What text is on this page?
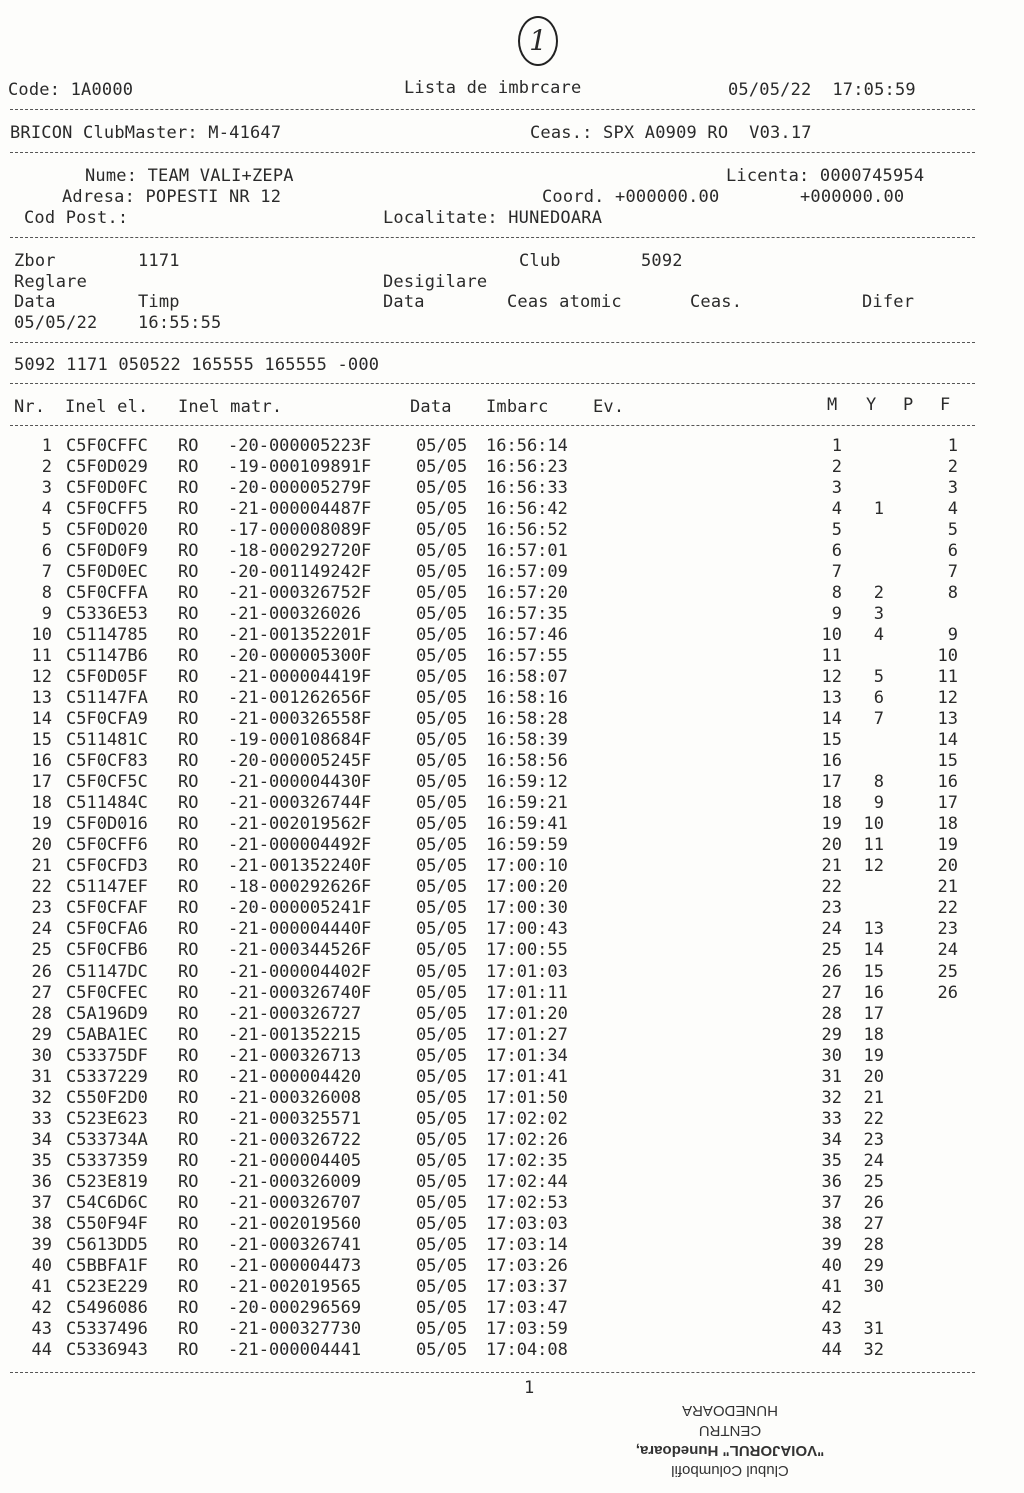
1
Code: 1A0000	Lista de imbrcare	05/05/22  17:05:59
BRICON ClubMaster: M-41647	Ceas.: SPX A0909 RO  V03.17
Nume: TEAM VALI+ZEPA	Licenta: 0000745954
Adresa: POPESTI NR 12	Coord. +000000.00	+000000.00
Cod Post.:	Localitate: HUNEDOARA
Zbor	1171	Club	5092
Reglare	Desigilare
Data	Timp	Data	Ceas atomic	Ceas.	Difer
05/05/22 16:55:55
5092 1171 050522 165555 165555 -000
Nr. Inel el. Inel matr.	Data Imbarc	Ev.	M Y P F
1 C5F0CFFC RO -20-000005223F	05/05 16:56:14	1	1
2 C5F0D029 RO -19-000109891F	05/05 16:56:23	2	2
3 C5F0D0FC RO -20-000005279F	05/05 16:56:33	3	3
4 C5F0CFF5 RO -21-000004487F	05/05 16:56:42	4 1	4
5 C5F0D020 RO -17-000008089F	05/05 16:56:52	5	5
6 C5F0D0F9 RO -18-000292720F	05/05 16:57:01	6	6
7 C5F0D0EC RO -20-001149242F	05/05 16:57:09	7	7
8 C5F0CFFA RO -21-000326752F	05/05 16:57:20	8 2	8
9 C5336E53 RO -21-000326026	05/05 16:57:35	9 3
10 C5114785 RO -21-001352201F	05/05 16:57:46	10 4	9
11 C51147B6 RO -20-000005300F	05/05 16:57:55	11	10
12 C5F0D05F RO -21-000004419F	05/05 16:58:07	12 5	11
13 C51147FA RO -21-001262656F	05/05 16:58:16	13 6	12
14 C5F0CFA9 RO -21-000326558F	05/05 16:58:28	14 7	13
15 C511481C RO -19-000108684F	05/05 16:58:39	15	14
16 C5F0CF83 RO -20-000005245F	05/05 16:58:56	16	15
17 C5F0CF5C RO -21-000004430F	05/05 16:59:12	17 8	16
18 C511484C RO -21-000326744F	05/05 16:59:21	18 9	17
19 C5F0D016 RO -21-002019562F	05/05 16:59:41	19 10	18
20 C5F0CFF6 RO -21-000004492F	05/05 16:59:59	20 11	19
21 C5F0CFD3 RO -21-001352240F	05/05 17:00:10	21 12	20
22 C51147EF RO -18-000292626F	05/05 17:00:20	22	21
23 C5F0CFAF RO -20-000005241F	05/05 17:00:30	23	22
24 C5F0CFA6 RO -21-000004440F	05/05 17:00:43	24 13	23
25 C5F0CFB6 RO -21-000344526F	05/05 17:00:55	25 14	24
26 C51147DC RO -21-000004402F	05/05 17:01:03	26 15	25
27 C5F0CFEC RO -21-000326740F	05/05 17:01:11	27 16	26
28 C5A196D9 RO -21-000326727	05/05 17:01:20	28 17
29 C5ABA1EC RO -21-001352215	05/05 17:01:27	29 18
30 C53375DF RO -21-000326713	05/05 17:01:34	30 19
31 C5337229 RO -21-000004420	05/05 17:01:41	31 20
32 C550F2D0 RO -21-000326008	05/05 17:01:50	32 21
33 C523E623 RO -21-000325571	05/05 17:02:02	33 22
34 C533734A RO -21-000326722	05/05 17:02:26	34 23
35 C5337359 RO -21-000004405	05/05 17:02:35	35 24
36 C523E819 RO -21-000326009	05/05 17:02:44	36 25
37 C54C6D6C RO -21-000326707	05/05 17:02:53	37 26
38 C550F94F RO -21-002019560	05/05 17:03:03	38 27
39 C5613DD5 RO -21-000326741	05/05 17:03:14	39 28
40 C5BBFA1F RO -21-000004473	05/05 17:03:26	40 29
41 C523E229 RO -21-002019565	05/05 17:03:37	41 30
42 C5496086 RO -20-000296569	05/05 17:03:47	42
43 C5337496 RO -21-000327730	05/05 17:03:59	43 31
44 C5336943 RO -21-000004441	05/05 17:04:08	44 32
1
Clubul Columbofil
"VOIAJORUL" Hunedoara,
CENTRU
HUNEDOARA
